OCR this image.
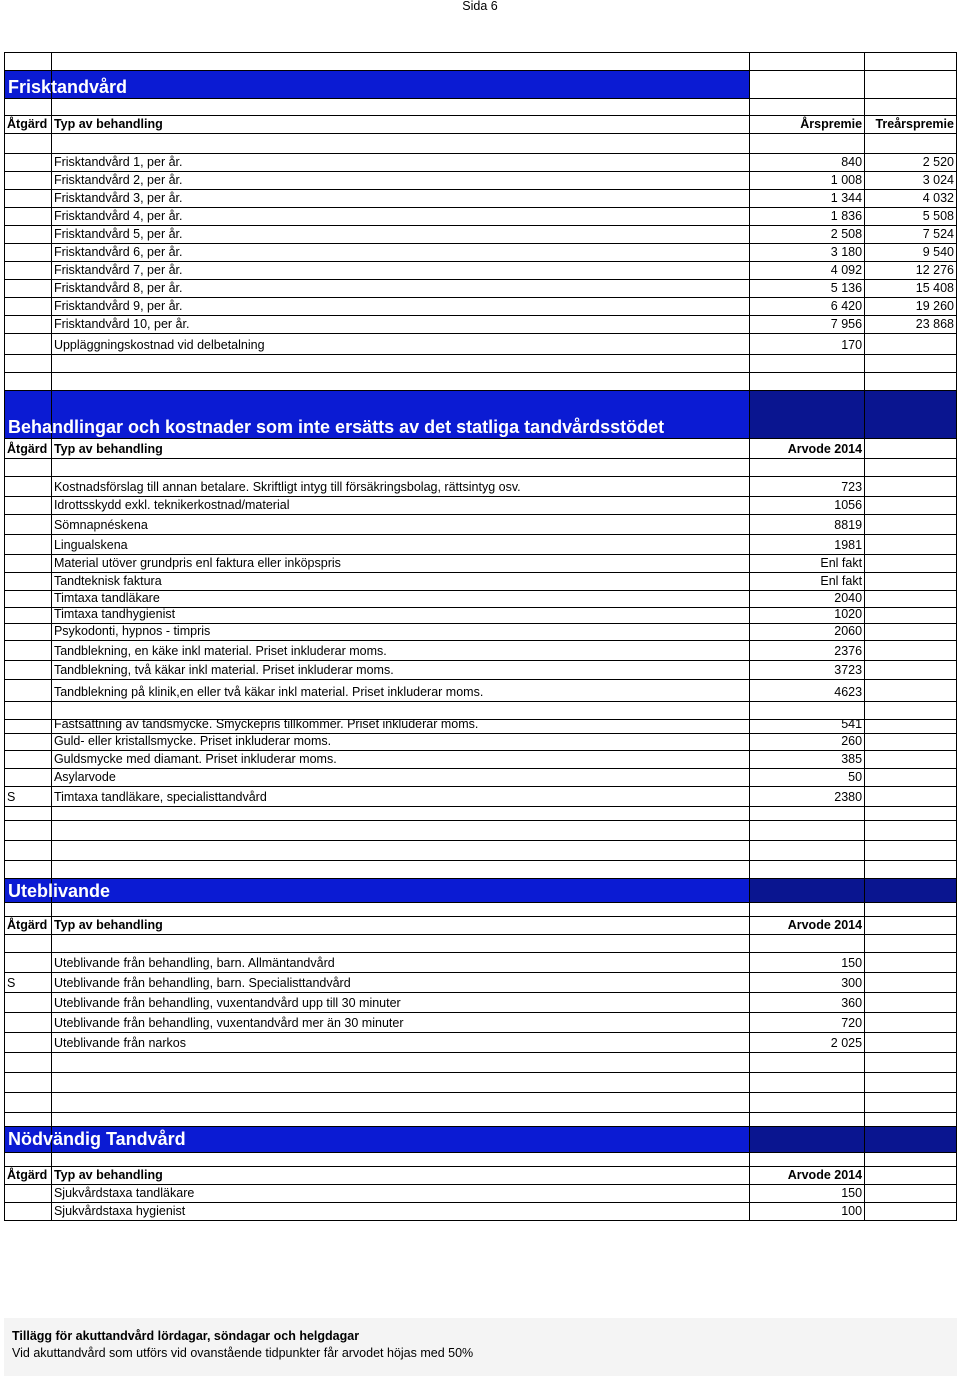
Sida 6
Frisktandvård
Åtgärd Typ av behandling	Årspremie	Treårspremie
Frisktandvård 1, per år.	840	2 520
Frisktandvård 2, per år.	1 008	3 024
Frisktandvård 3, per år.	1 344	4 032
Frisktandvård 4, per år.	1 836	5 508
Frisktandvård 5, per år.	2 508	7 524
Frisktandvård 6, per år.	3 180	9 540
Frisktandvård 7, per år.	4 092	12 276
Frisktandvård 8, per år.	5 136	15 408
Frisktandvård 9, per år.	6 420	19 260
Frisktandvård 10, per år.	7 956	23 868
Uppläggningskostnad vid delbetalning	170
Behandlingar och kostnader som inte ersätts av det statliga tandvårdsstödet
Åtgärd Typ av behandling	Arvode 2014
Kostnadsförslag till annan betalare. Skriftligt intyg till försäkringsbolag, rättsintyg osv.	723
Idrottsskydd exkl. teknikerkostnad/material	1056
Sömnapnéskena	8819
Lingualskena	1981
Material utöver grundpris enl faktura eller inköpspris	Enl fakt
Tandteknisk faktura	Enl fakt
Timtaxa tandläkare	2040
Timtaxa tandhygienist	1020
Psykodonti, hypnos - timpris	2060
Tandblekning, en käke inkl material. Priset inkluderar moms.	2376
Tandblekning, två käkar inkl material. Priset inkluderar moms.	3723
Tandblekning på klinik,en eller två käkar inkl material. Priset inkluderar moms.	4623
Fastsättning av tandsmycke. Smyckepris tillkommer. Priset inkluderar moms.	541
Guld- eller kristallsmycke. Priset inkluderar moms.	260
Guldsmycke med diamant. Priset inkluderar moms.	385
Asylarvode	50
S	Timtaxa tandläkare, specialisttandvård	2380
Uteblivande
Åtgärd Typ av behandling	Arvode 2014
Uteblivande från behandling, barn. Allmäntandvård	150
S	Uteblivande från behandling, barn. Specialisttandvård	300
Uteblivande från behandling, vuxentandvård upp till 30 minuter	360
Uteblivande från behandling, vuxentandvård mer än 30 minuter	720
Uteblivande från narkos	2 025
Nödvändig Tandvård
Åtgärd Typ av behandling	Arvode 2014
Sjukvårdstaxa tandläkare	150
Sjukvårdstaxa hygienist	100
Tillägg för akuttandvård lördagar, söndagar och helgdagar
Vid akuttandvård som utförs vid ovanstående tidpunkter får arvodet höjas med 50%
